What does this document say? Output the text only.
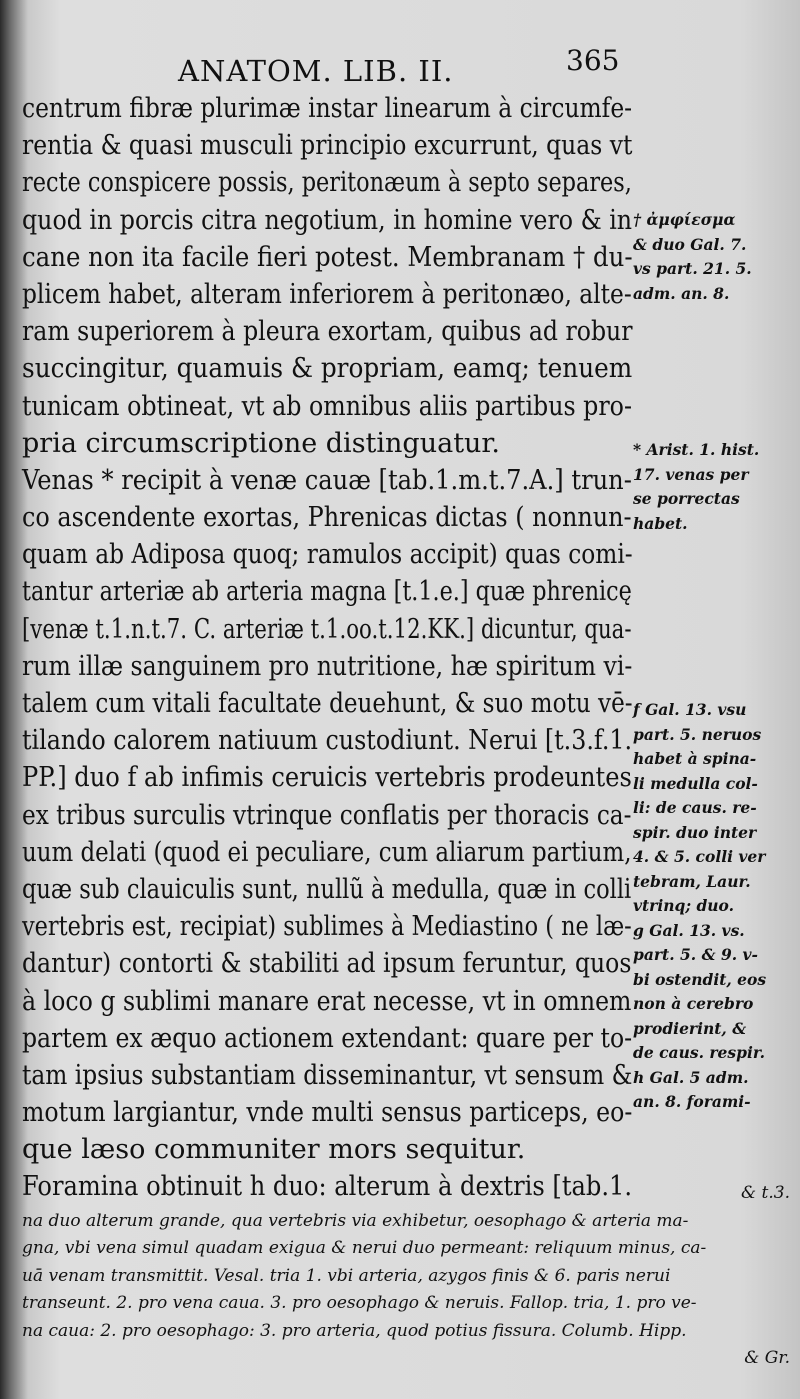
ANATOM. LIB. II.	365
centrum fibræ plurimæ instar linearum à circumfe-
rentia & quasi musculi principio excurrunt, quas vt
recte conspicere possis, peritonæum à septo separes,
quod in porcis citra negotium, in homine vero & in
cane non ita facile fieri potest. Membranam † du-
plicem habet, alteram inferiorem à peritonæo, alte-
ram superiorem à pleura exortam, quibus ad robur
succingitur, quamuis & propriam, eamq; tenuem
tunicam obtineat, vt ab omnibus aliis partibus pro-
pria circumscriptione distinguatur.
Venas * recipit à venæ cauæ [tab.1.m.t.7.A.] trun-
co ascendente exortas, Phrenicas dictas ( nonnun-
quam ab Adiposa quoq; ramulos accipit) quas comi-
tantur arteriæ ab arteria magna [t.1.e.] quæ phrenicę
[venæ t.1.n.t.7. C. arteriæ t.1.oo.t.12.KK.] dicuntur, qua-
rum illæ sanguinem pro nutritione, hæ spiritum vi-
talem cum vitali facultate deuehunt, & suo motu vē-
tilando calorem natiuum custodiunt. Nerui [t.3.f.1.
PP.] duo f ab infimis ceruicis vertebris prodeuntes
ex tribus surculis vtrinque conflatis per thoracis ca-
uum delati (quod ei peculiare, cum aliarum partium,
quæ sub clauiculis sunt, nullũ à medulla, quæ in colli
vertebris est, recipiat) sublimes à Mediastino ( ne læ-
dantur) contorti & stabiliti ad ipsum feruntur, quos
à loco g sublimi manare erat necesse, vt in omnem
partem ex æquo actionem extendant: quare per to-
tam ipsius substantiam disseminantur, vt sensum &
motum largiantur, vnde multi sensus particeps, eo-
que læso communiter mors sequitur.
Foramina obtinuit h duo: alterum à dextris [tab.1.
† ἀμφίεσμα
& duo Gal. 7.
vs part. 21. 5.
adm. an. 8.
* Arist. 1. hist.
17. venas per
se porrectas
habet.
f Gal. 13. vsu
part. 5. neruos
habet à spina-
li medulla col-
li: de caus. re-
spir. duo inter
4. & 5. colli ver
tebram, Laur.
vtrinq; duo.
g Gal. 13. vs.
part. 5. & 9. v-
bi ostendit, eos
non à cerebro
prodierint, &
de caus. respir.
h Gal. 5 adm.
an. 8. forami-
& t.3.
na duo alterum grande, qua vertebris via exhibetur, oesophago & arteria ma-
gna, vbi vena simul quadam exigua & nerui duo permeant: reliquum minus, ca-
uā venam transmittit. Vesal. tria 1. vbi arteria, azygos finis & 6. paris nerui
transeunt. 2. pro vena caua. 3. pro oesophago & neruis. Fallop. tria, 1. pro ve-
na caua: 2. pro oesophago: 3. pro arteria, quod potius fissura. Columb. Hipp.
& Gr.
